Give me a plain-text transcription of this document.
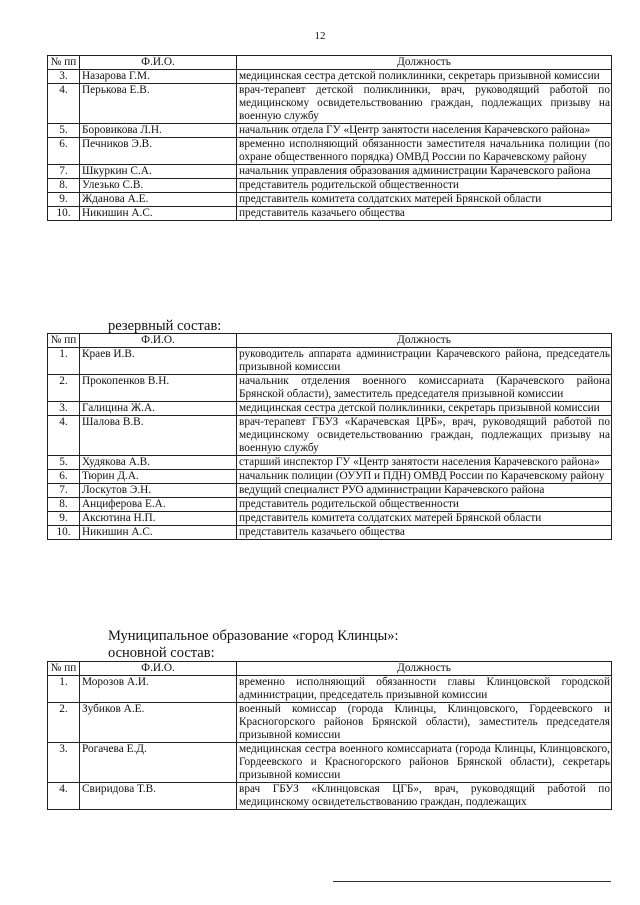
12
№ пп	Ф.И.О.	Должность
3.	Назарова Г.М.	медицинская сестра детской поликлиники, секретарь призывной комиссии
4.	Перькова Е.В.	врач-терапевт детской поликлиники, врач, руководящий работой по медицинскому освидетельствованию граждан, подлежащих призыву на военную службу
5.	Боровикова Л.Н.	начальник отдела ГУ «Центр занятости населения Карачевского района»
6.	Печников Э.В.	временно исполняющий обязанности заместителя начальника полиции (по охране общественного порядка) ОМВД России по Карачевскому району
7.	Шкуркин С.А.	начальник управления образования администрации Карачевского района
8.	Улезько С.В.	представитель родительской общественности
9.	Жданова А.Е.	представитель комитета солдатских матерей Брянской области
10.	Никишин А.С.	представитель казачьего общества
резервный состав:
№ пп	Ф.И.О.	Должность
1.	Краев И.В.	руководитель аппарата администрации Карачевского района, председатель призывной комиссии
2.	Прокопенков В.Н.	начальник отделения военного комиссариата (Карачевского района Брянской области), заместитель председателя призывной комиссии
3.	Галицина Ж.А.	медицинская сестра детской поликлиники, секретарь призывной комиссии
4.	Шалова В.В.	врач-терапевт ГБУЗ «Карачевская ЦРБ», врач, руководящий работой по медицинскому освидетельствованию граждан, подлежащих призыву на военную службу
5.	Худякова А.В.	старший инспектор ГУ «Центр занятости населения Карачевского района»
6.	Тюрин Д.А.	начальник полиции (ОУУП и ПДН) ОМВД России по Карачевскому району
7.	Лоскутов Э.Н.	ведущий специалист РУО администрации Карачевского района
8.	Анциферова Е.А.	представитель родительской общественности
9.	Аксютина Н.П.	представитель комитета солдатских матерей Брянской области
10.	Никишин А.С.	представитель казачьего общества
Муниципальное образование «город Клинцы»:
основной состав:
№ пп	Ф.И.О.	Должность
1.	Морозов А.И.	временно исполняющий обязанности главы Клинцовской городской администрации, председатель призывной комиссии
2.	Зубиков А.Е.	военный комиссар (города Клинцы, Клинцовского, Гордеевского и Красногорского районов Брянской области), заместитель председателя призывной комиссии
3.	Рогачева Е.Д.	медицинская сестра военного комиссариата (города Клинцы, Клинцовского, Гордеевского и Красногорского районов Брянской области), секретарь призывной комиссии
4.	Свиридова Т.В.	врач ГБУЗ «Клинцовская ЦГБ», врач, руководящий работой по медицинскому освидетельствованию граждан, подлежащих
